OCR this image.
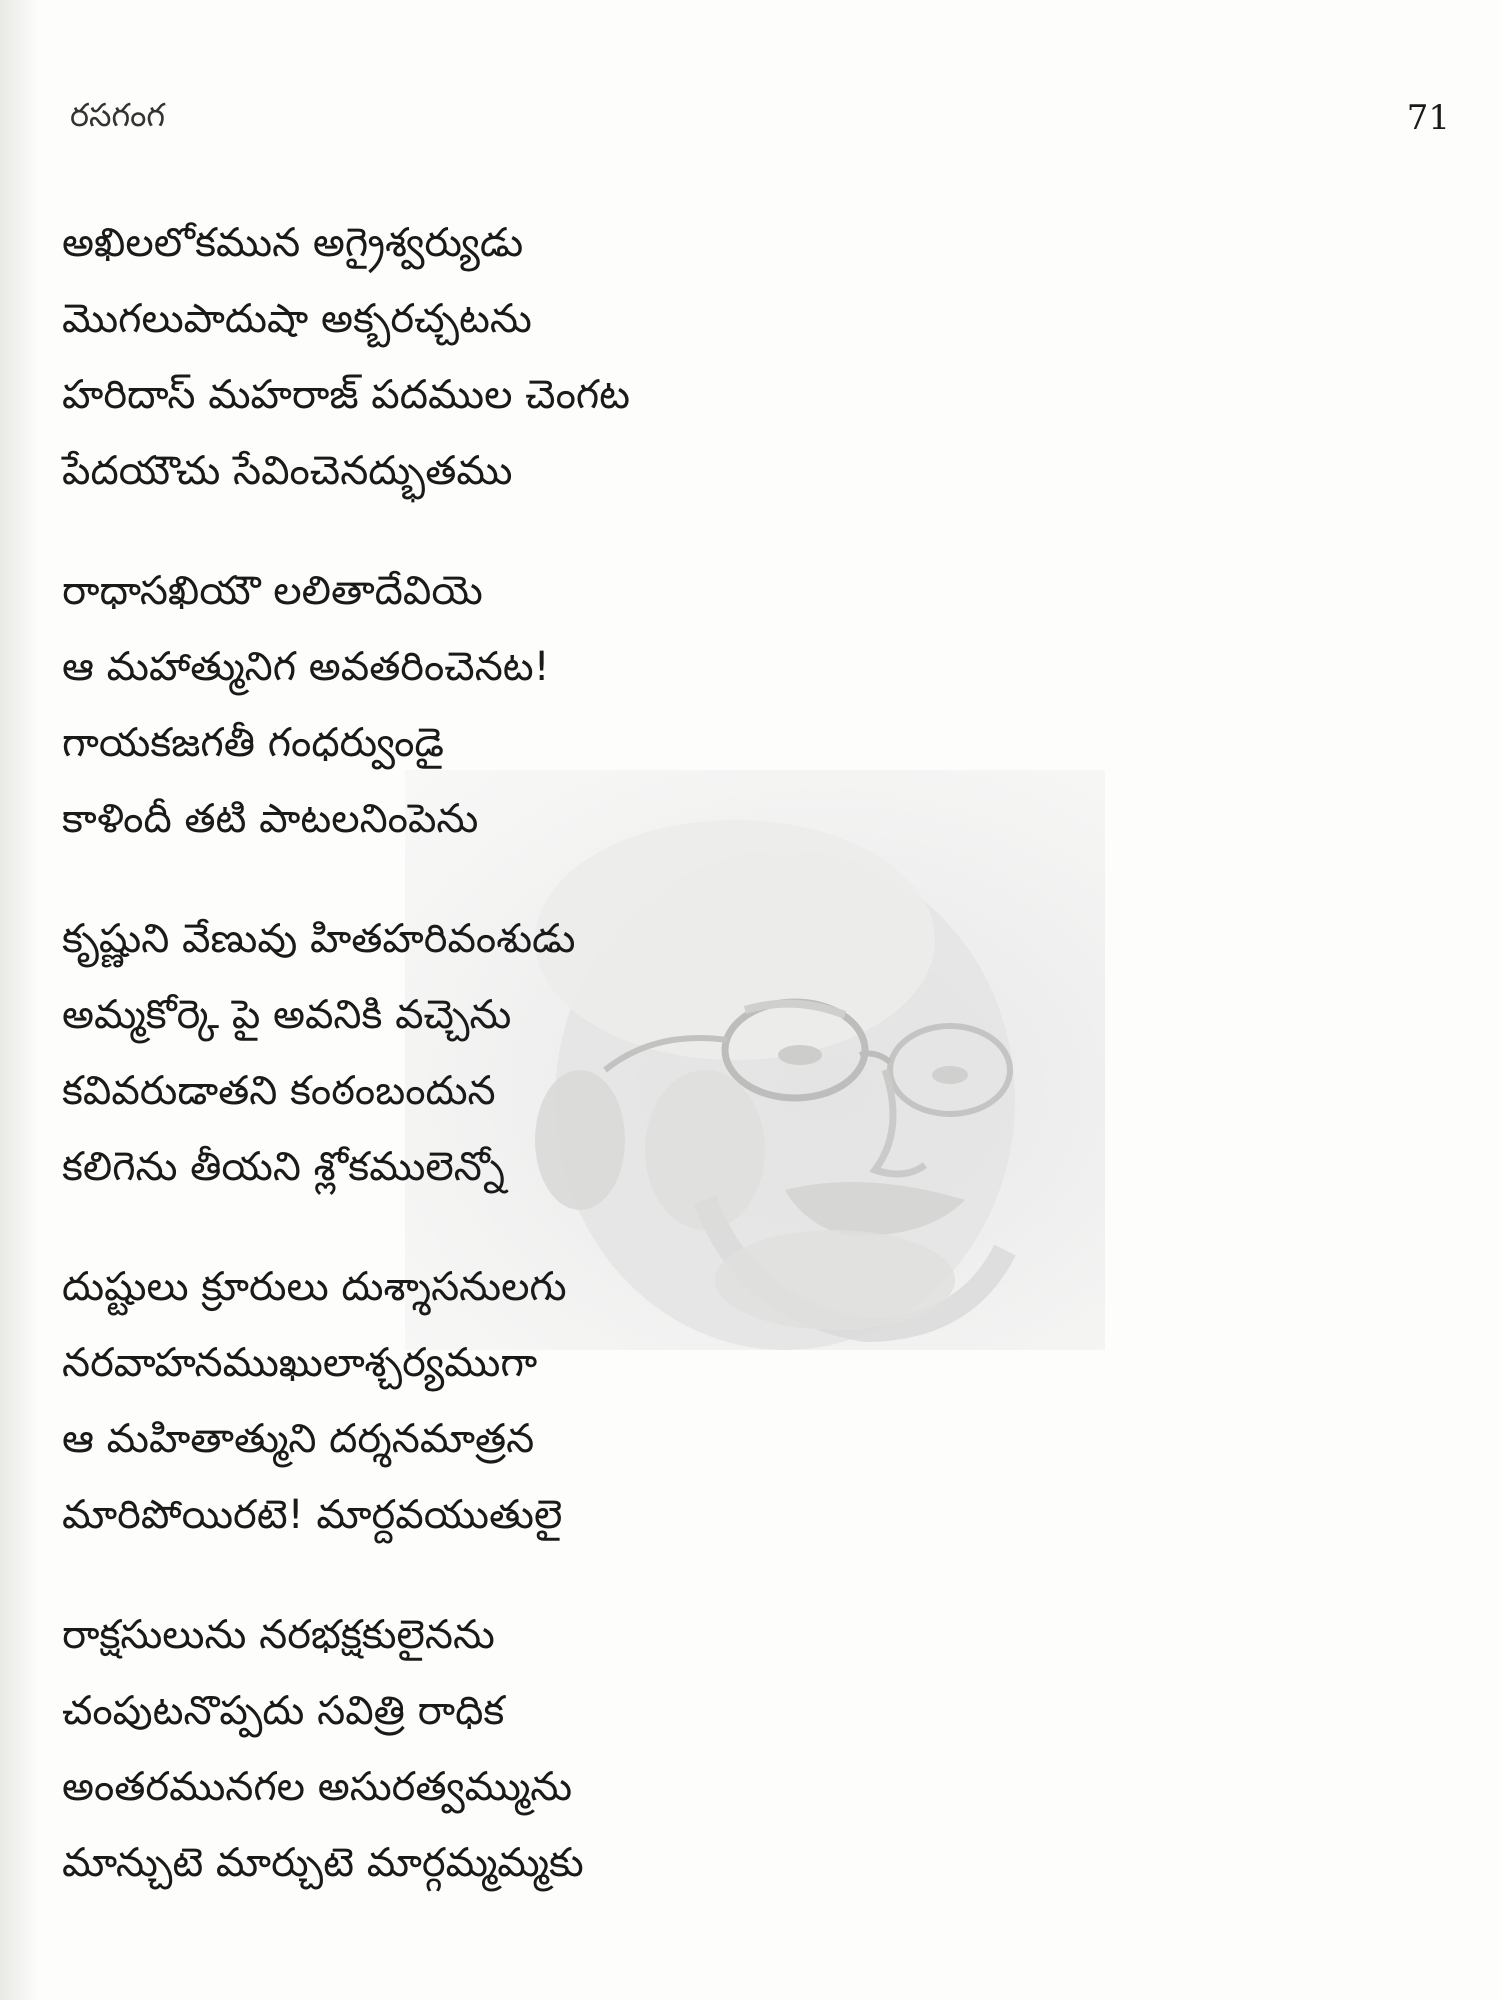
రసగంగ	71
అఖిలలోకమున అగ్రైశ్వర్యుడు
మొగలుపాదుషా అక్బరచ్చటను
హరిదాస్ మహరాజ్ పదముల చెంగట
పేదయౌచు సేవించెనద్భుతము
రాధాసఖియౌ లలితాదేవియె
ఆ మహాత్మునిగ అవతరించెనట!
గాయకజగతీ గంధర్వుండై
కాళిందీ తటి పాటలనింపెను
కృష్ణుని వేణువు హితహరివంశుడు
అమ్మకోర్కె పై అవనికి వచ్చెను
కవివరుడాతని కంఠంబందున
కలిగెను తీయని శ్లోకములెన్నో
దుష్టులు క్రూరులు దుశ్శాసనులగు
నరవాహనముఖులాశ్చర్యముగా
ఆ మహితాత్ముని దర్శనమాత్రన
మారిపోయిరటె! మార్దవయుతులై
రాక్షసులును నరభక్షకులైనను
చంపుటనొప్పదు సవిత్రి రాధిక
అంతరమునగల అసురత్వమ్మును
మాన్చుటె మార్చుటె మార్గమ్మమ్మకు
